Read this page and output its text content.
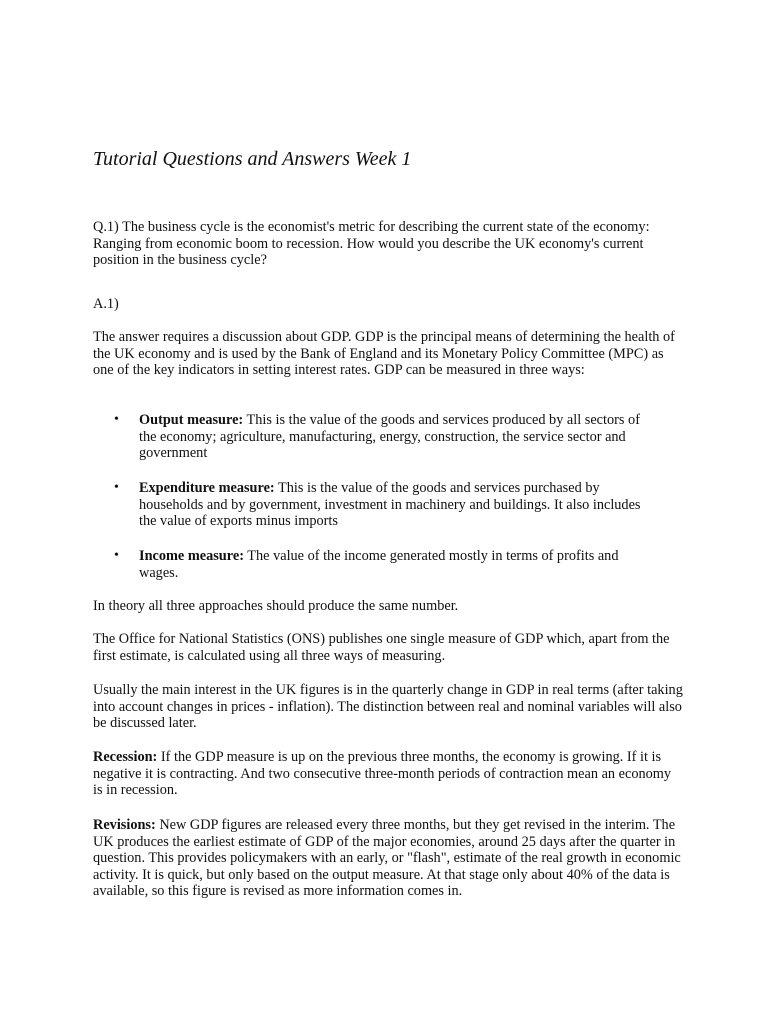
Tutorial Questions and Answers Week 1

Q.1) The business cycle is the economist's metric for describing the current state of the economy: Ranging from economic boom to recession. How would you describe the UK economy's current position in the business cycle?

A.1)

The answer requires a discussion about GDP. GDP is the principal means of determining the health of the UK economy and is used by the Bank of England and its Monetary Policy Committee (MPC) as one of the key indicators in setting interest rates. GDP can be measured in three ways:

• Output measure: This is the value of the goods and services produced by all sectors of the economy; agriculture, manufacturing, energy, construction, the service sector and government
• Expenditure measure: This is the value of the goods and services purchased by households and by government, investment in machinery and buildings. It also includes the value of exports minus imports
• Income measure: The value of the income generated mostly in terms of profits and wages.

In theory all three approaches should produce the same number.

The Office for National Statistics (ONS) publishes one single measure of GDP which, apart from the first estimate, is calculated using all three ways of measuring.

Usually the main interest in the UK figures is in the quarterly change in GDP in real terms (after taking into account changes in prices - inflation). The distinction between real and nominal variables will also be discussed later.

Recession: If the GDP measure is up on the previous three months, the economy is growing. If it is negative it is contracting. And two consecutive three-month periods of contraction mean an economy is in recession.

Revisions: New GDP figures are released every three months, but they get revised in the interim. The UK produces the earliest estimate of GDP of the major economies, around 25 days after the quarter in question. This provides policymakers with an early, or "flash", estimate of the real growth in economic activity. It is quick, but only based on the output measure. At that stage only about 40% of the data is available, so this figure is revised as more information comes in.
